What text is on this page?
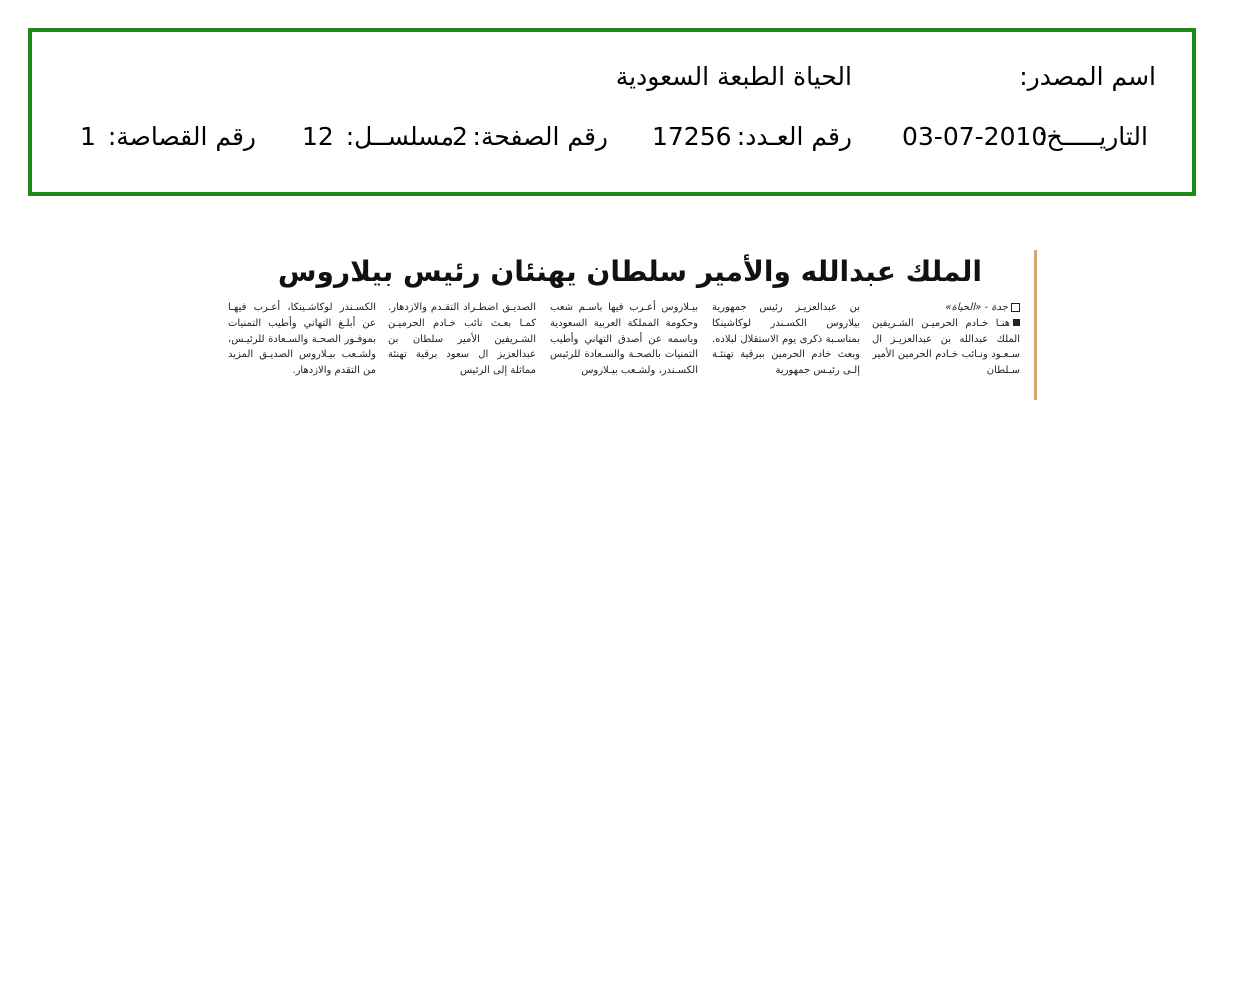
اسم المصدر:
الحياة الطبعة السعودية
التاريـــــخ:
03-07-2010
رقم العـدد:
17256
رقم الصفحة:
2
مسلســل:
12
رقم القصاصة:
1
الملك عبدالله والأمير سلطان يهنئان رئيس بيلاروس
جدة - «الحياة»
هنـا خـادم الحرميـن الشـريفين الملك عبدالله بن عبدالعزيـز ال سـعـود ونـائب خـادم الحرمين الأمير سـلطان
بن عبدالعزيـز رئيس جمهورية بيلاروس الكسـندر لوكاشينكا بمناسـبة ذكرى يوم الاستقلال لبلاده. وبعث خادم الحرمين ببرقية تهنئـة إلـى رئيـس جمهورية
بيـلاروس أعـرب فيها باسـم شعب وحكومة المملكة العربية السعودية وباسمه عن أصدق التهاني وأطيب التمنيات بالصحـة والسـعادة للرئيس الكسـندر، ولشـعب بيـلاروس
الصديـق اضطـراد التقـدم والازدهار. كمـا بعـث نائب خـادم الحرميـن الشـريفين الأمير سلطان بن عبدالعزيز ال سعود برقية تهنئة مماثلة إلى الرئيس
الكسـندر لوكاشـينكا، أعـرب فيهـا عن أبلـغ التهاني وأطيب التمنيات بموفـور الصحـة والسـعادة للرئيـس، ولشـعب بيـلاروس الصديـق المزيد من التقدم والازدهار.
